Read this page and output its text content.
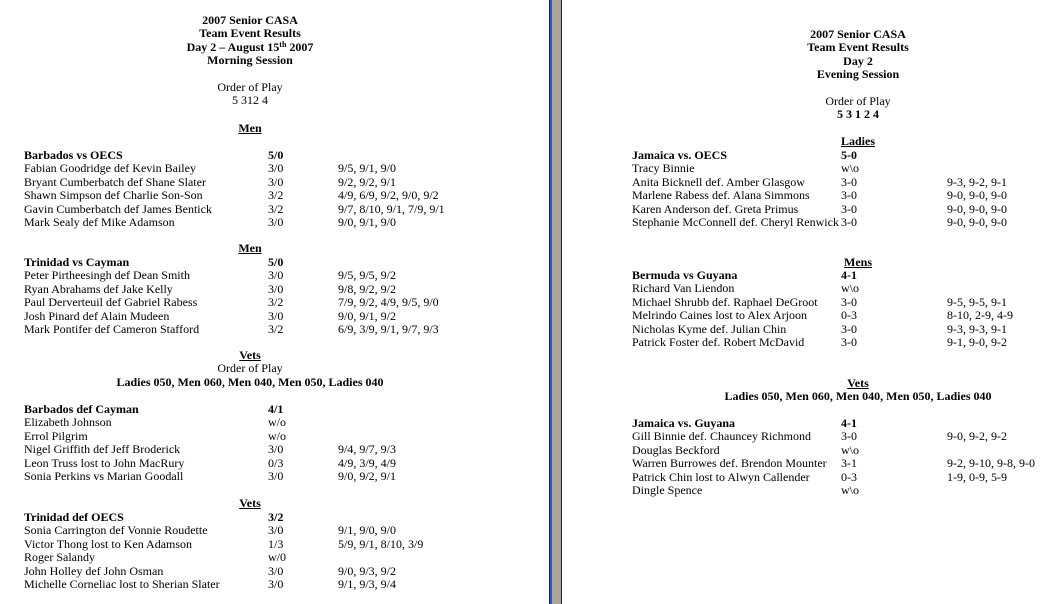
2007 Senior CASA
Team Event Results
Day 2 – August 15th 2007
Morning Session
Order of Play
5 312 4
Men
Barbados vs OECS	5/0
Fabian Goodridge def Kevin Bailey	3/0	9/5, 9/1, 9/0
Bryant Cumberbatch def Shane Slater	3/0	9/2, 9/2, 9/1
Shawn Simpson def Charlie Son-Son	3/2	4/9, 6/9, 9/2, 9/0, 9/2
Gavin Cumberbatch def James Bentick	3/2	9/7, 8/10, 9/1, 7/9, 9/1
Mark Sealy def Mike Adamson	3/0	9/0, 9/1, 9/0
Men
Trinidad vs Cayman	5/0
Peter Pirtheesingh def Dean Smith	3/0	9/5, 9/5, 9/2
Ryan Abrahams def Jake Kelly	3/0	9/8, 9/2, 9/2
Paul Derverteuil def Gabriel Rabess	3/2	7/9, 9/2, 4/9, 9/5, 9/0
Josh Pinard def Alain Mudeen	3/0	9/0, 9/1, 9/2
Mark Pontifer def Cameron Stafford	3/2	6/9, 3/9, 9/1, 9/7, 9/3
Vets
Order of Play
Ladies 050, Men 060, Men 040, Men 050, Ladies 040
Barbados def Cayman	4/1
Elizabeth Johnson	w/o
Errol Pilgrim	w/o
Nigel Griffith def Jeff Broderick	3/0	9/4, 9/7, 9/3
Leon Truss lost to John MacRury	0/3	4/9, 3/9, 4/9
Sonia Perkins vs Marian Goodall	3/0	9/0, 9/2, 9/1
Vets
Trinidad def OECS	3/2
Sonia Carrington def Vonnie Roudette	3/0	9/1, 9/0, 9/0
Victor Thong lost to Ken Adamson	1/3	5/9, 9/1, 8/10, 3/9
Roger Salandy	w/0
John Holley def John Osman	3/0	9/0, 9/3, 9/2
Michelle Corneliac lost to Sherian Slater	3/0	9/1, 9/3, 9/4
2007 Senior CASA
Team Event Results
Day 2
Evening Session
Order of Play
5 3 1 2 4
Ladies
Jamaica vs. OECS	5-0
Tracy Binnie	w\o
Anita Bicknell def. Amber Glasgow	3-0	9-3, 9-2, 9-1
Marlene Rabess def. Alana Simmons	3-0	9-0, 9-0, 9-0
Karen Anderson def. Greta Primus	3-0	9-0, 9-0, 9-0
Stephanie McConnell def. Cheryl Renwick 3-0	9-0, 9-0, 9-0
Mens
Bermuda vs Guyana	4-1
Richard Van Liendon	w\o
Michael Shrubb def. Raphael DeGroot 3-0	9-5, 9-5, 9-1
Melrindo Caines lost to Alex Arjoon	0-3	8-10, 2-9, 4-9
Nicholas Kyme def. Julian Chin	3-0	9-3, 9-3, 9-1
Patrick Foster def. Robert McDavid	3-0	9-1, 9-0, 9-2
Vets
Ladies 050, Men 060, Men 040, Men 050, Ladies 040
Jamaica vs. Guyana	4-1
Gill Binnie def. Chauncey Richmond	3-0	9-0, 9-2, 9-2
Douglas Beckford	w\o
Warren Burrowes def. Brendon Mounter 3-1	9-2, 9-10, 9-8, 9-0
Patrick Chin lost to Alwyn Callender	0-3	1-9, 0-9, 5-9
Dingle Spence	w\o
